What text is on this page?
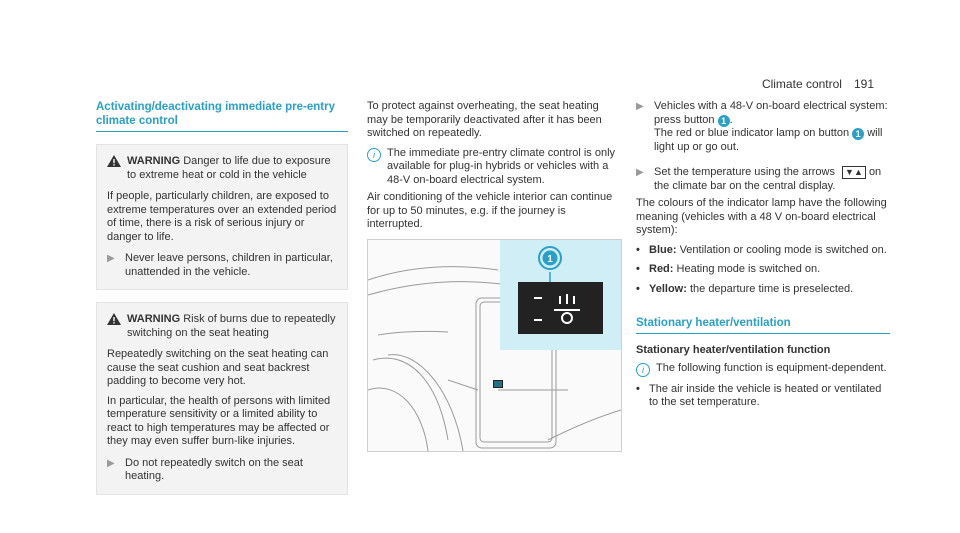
Climate control 191
Activating/deactivating immediate pre-entry climate control
WARNING Danger to life due to exposure to extreme heat or cold in the vehicle

If people, particularly children, are exposed to extreme temperatures over an extended period of time, there is a risk of serious injury or danger to life.

▶ Never leave persons, children in particular, unattended in the vehicle.
WARNING Risk of burns due to repeatedly switching on the seat heating

Repeatedly switching on the seat heating can cause the seat cushion and seat backrest padding to become very hot.

In particular, the health of persons with limited temperature sensitivity or a limited ability to react to high temperatures may be affected or they may even suffer burn-like injuries.

▶ Do not repeatedly switch on the seat heating.

To protect against overheating, the seat heating may be temporarily deactivated after it has been switched on repeatedly.

i	The immediate pre-entry climate control is only available for plug-in hybrids or vehicles with a 48-V on-board electrical system.

Air conditioning of the vehicle interior can continue for up to 50 minutes, e.g. if the journey is interrupted.

1
▶ Vehicles with a 48-V on-board electrical system: press button 1 .
The red or blue indicator lamp on button 1 will light up or go out.
▶ Set the temperature using the arrows ▼▲ on the climate bar on the central display.

The colours of the indicator lamp have the following meaning (vehicles with a 48 V on-board electrical system):

• Blue: Ventilation or cooling mode is switched on.
• Red: Heating mode is switched on.
• Yellow: the departure time is preselected.
Stationary heater/ventilation
Stationary heater/ventilation function
i	The following function is equipment-dependent.
• The air inside the vehicle is heated or ventilated to the set temperature.
